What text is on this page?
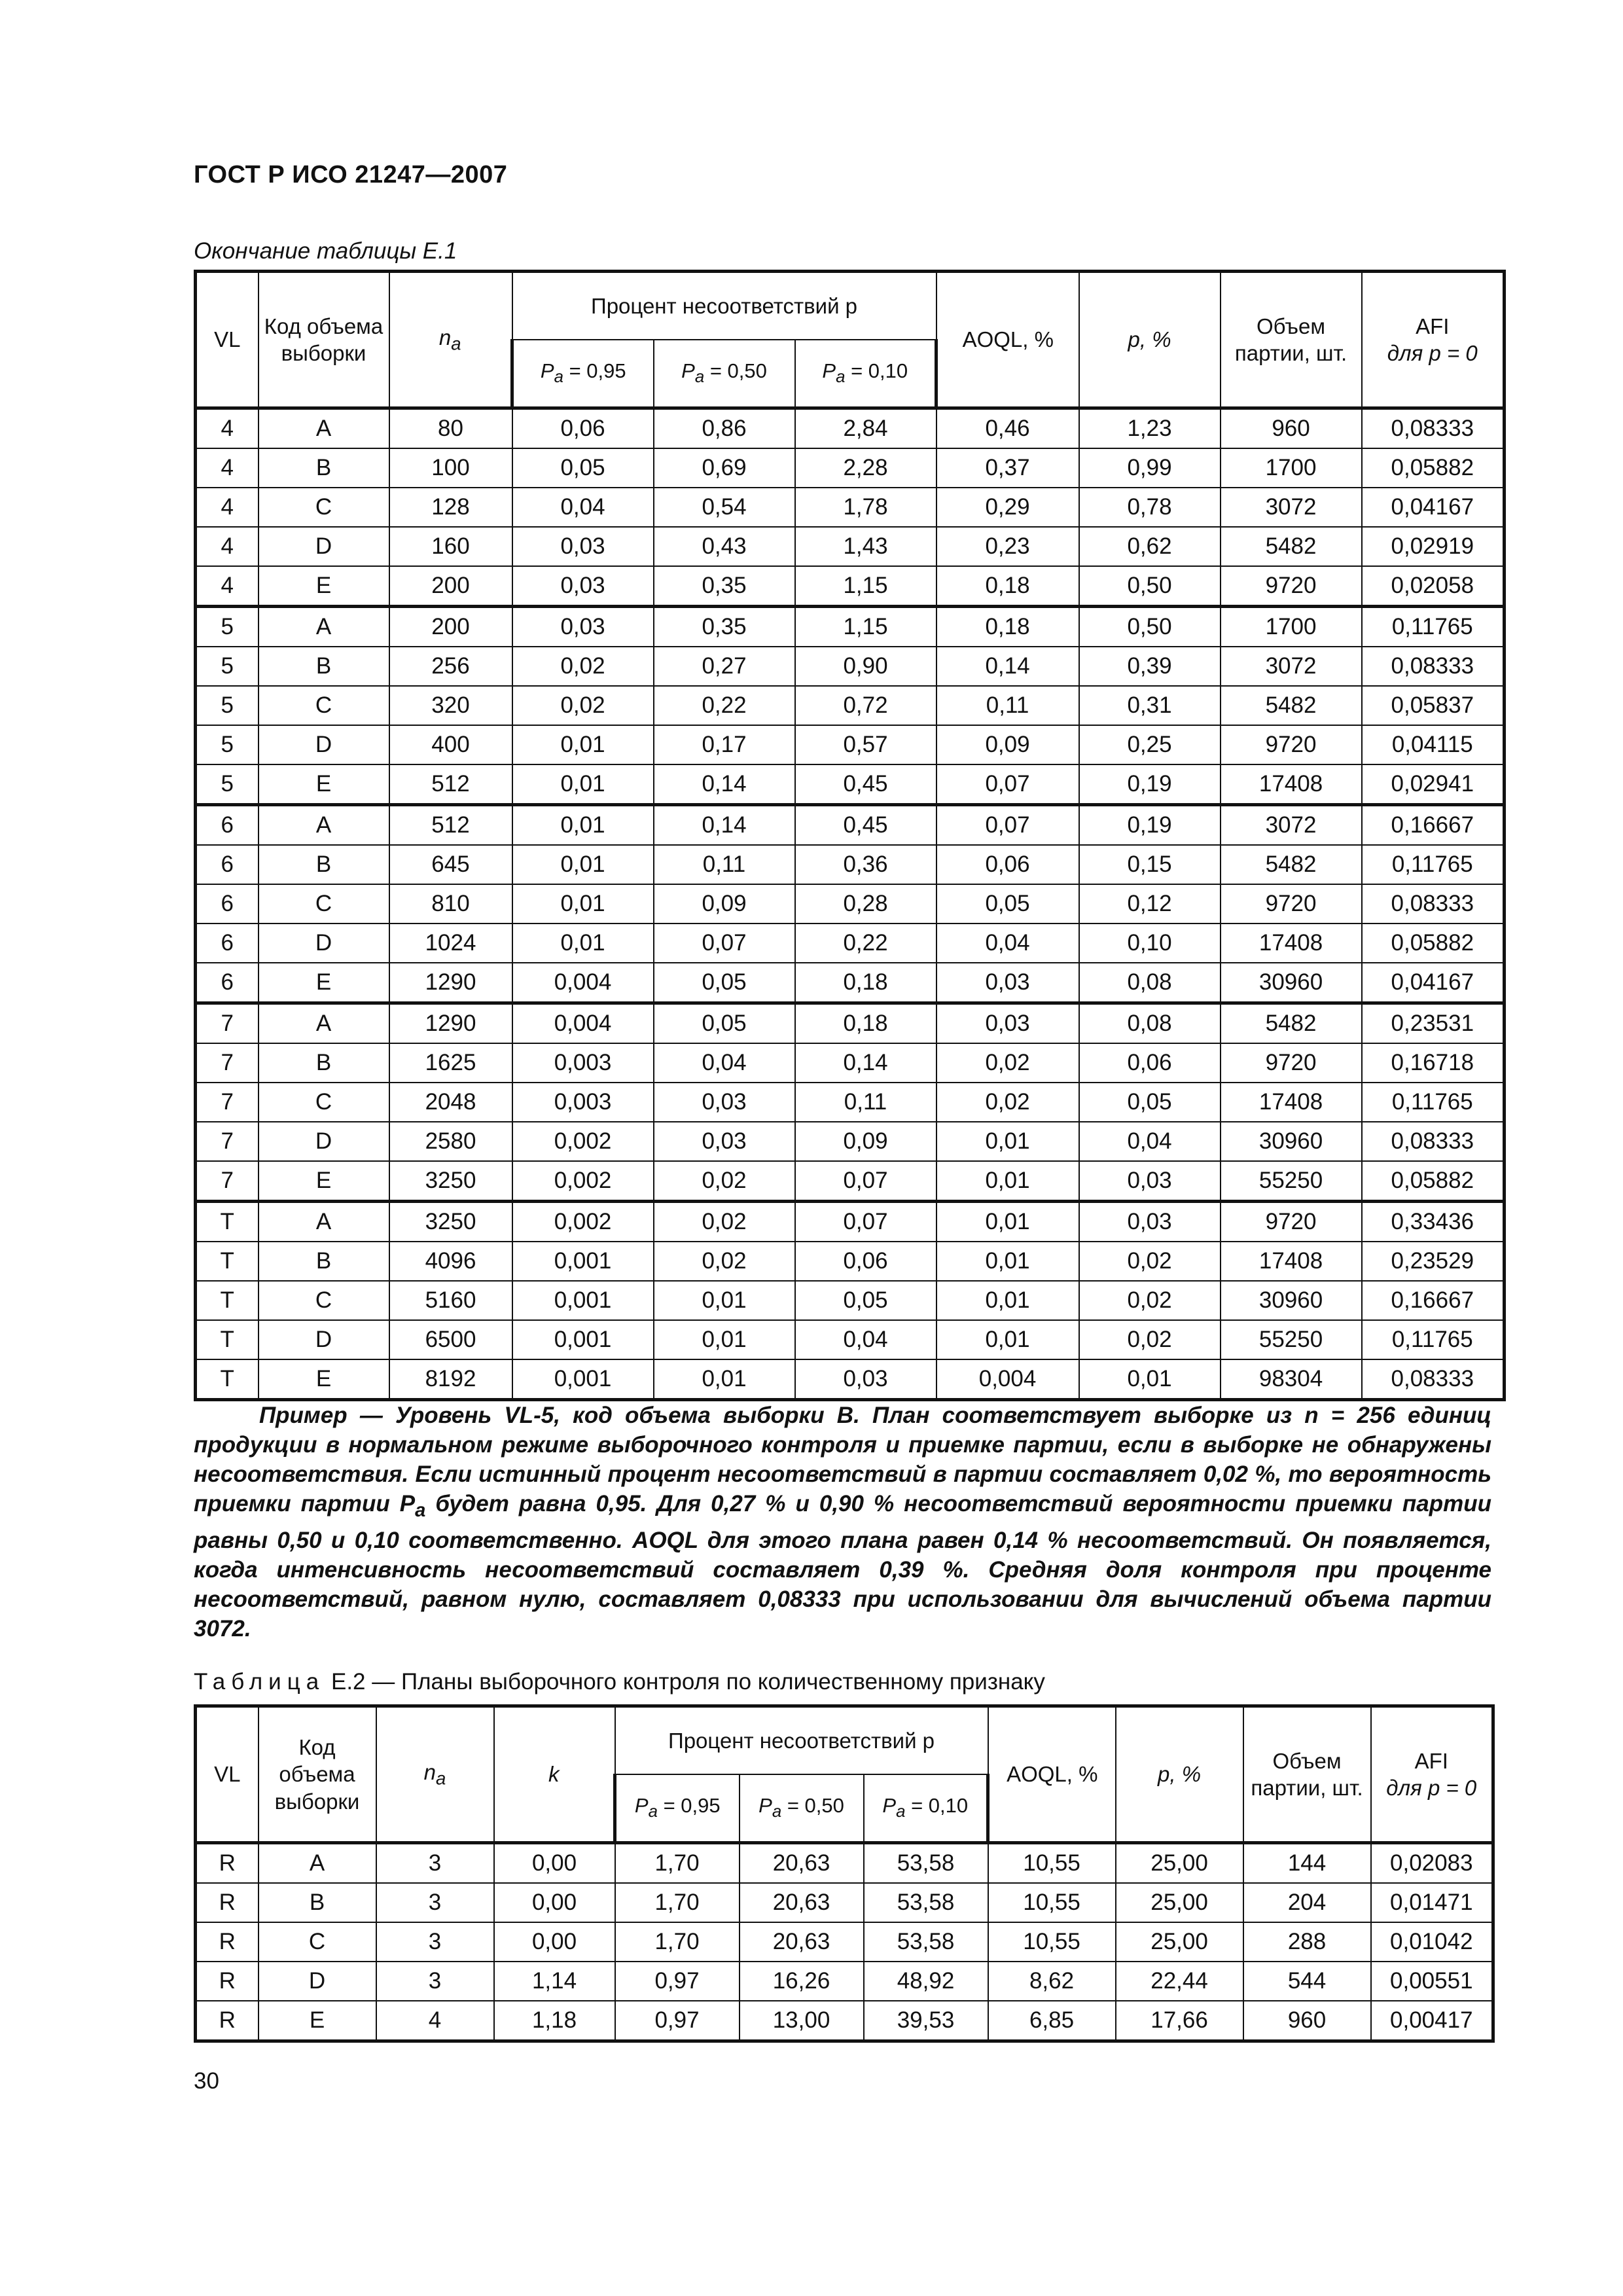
ГОСТ Р ИСО 21247—2007
Окончание таблицы Е.1
VL	Код объема выборки	$n_a$	Процент несоответствий p			AOQL, %	p, %	Объем партии, шт.	AFI
для p = 0
			$P_a = 0,95$	$P_a = 0,50$	$P_a = 0,10$				
4	A	80	0,06	0,86	2,84	0,46	1,23	960	0,08333
4	B	100	0,05	0,69	2,28	0,37	0,99	1700	0,05882
4	C	128	0,04	0,54	1,78	0,29	0,78	3072	0,04167
4	D	160	0,03	0,43	1,43	0,23	0,62	5482	0,02919
4	E	200	0,03	0,35	1,15	0,18	0,50	9720	0,02058
5	A	200	0,03	0,35	1,15	0,18	0,50	1700	0,11765
5	B	256	0,02	0,27	0,90	0,14	0,39	3072	0,08333
5	C	320	0,02	0,22	0,72	0,11	0,31	5482	0,05837
5	D	400	0,01	0,17	0,57	0,09	0,25	9720	0,04115
5	E	512	0,01	0,14	0,45	0,07	0,19	17408	0,02941
6	A	512	0,01	0,14	0,45	0,07	0,19	3072	0,16667
6	B	645	0,01	0,11	0,36	0,06	0,15	5482	0,11765
6	C	810	0,01	0,09	0,28	0,05	0,12	9720	0,08333
6	D	1024	0,01	0,07	0,22	0,04	0,10	17408	0,05882
6	E	1290	0,004	0,05	0,18	0,03	0,08	30960	0,04167
7	A	1290	0,004	0,05	0,18	0,03	0,08	5482	0,23531
7	B	1625	0,003	0,04	0,14	0,02	0,06	9720	0,16718
7	C	2048	0,003	0,03	0,11	0,02	0,05	17408	0,11765
7	D	2580	0,002	0,03	0,09	0,01	0,04	30960	0,08333
7	E	3250	0,002	0,02	0,07	0,01	0,03	55250	0,05882
T	A	3250	0,002	0,02	0,07	0,01	0,03	9720	0,33436
T	B	4096	0,001	0,02	0,06	0,01	0,02	17408	0,23529
T	C	5160	0,001	0,01	0,05	0,01	0,02	30960	0,16667
T	D	6500	0,001	0,01	0,04	0,01	0,02	55250	0,11765
T	E	8192	0,001	0,01	0,03	0,004	0,01	98304	0,08333
Пример — Уровень VL-5, код объема выборки B. План соответствует выборке из n = 256 единиц продукции в нормальном режиме выборочного контроля и приемке партии, если в выборке не обнаружены несоответствия. Если истинный процент несоответствий в партии составляет 0,02 %, то вероятность приемки партии $P_a$ будет равна 0,95. Для 0,27 % и 0,90 % несоответствий вероятности приемки партии равны 0,50 и 0,10 соответственно. AOQL для этого плана равен 0,14 % несоответствий. Он появляется, когда интенсивность несоответствий составляет 0,39 %. Средняя доля контроля при проценте несоответствий, равном нулю, составляет 0,08333 при использовании для вычислений объема партии 3072.
Таблица Е.2 — Планы выборочного контроля по количественному признаку
VL	Код объема выборки	$n_a$	k	Процент несоответствий p			AOQL, %	p, %	Объем партии, шт.	AFI
для p = 0
				$P_a = 0,95$	$P_a = 0,50$	$P_a = 0,10$				
R	A	3	0,00	1,70	20,63	53,58	10,55	25,00	144	0,02083
R	B	3	0,00	1,70	20,63	53,58	10,55	25,00	204	0,01471
R	C	3	0,00	1,70	20,63	53,58	10,55	25,00	288	0,01042
R	D	3	1,14	0,97	16,26	48,92	8,62	22,44	544	0,00551
R	E	4	1,18	0,97	13,00	39,53	6,85	17,66	960	0,00417
30
